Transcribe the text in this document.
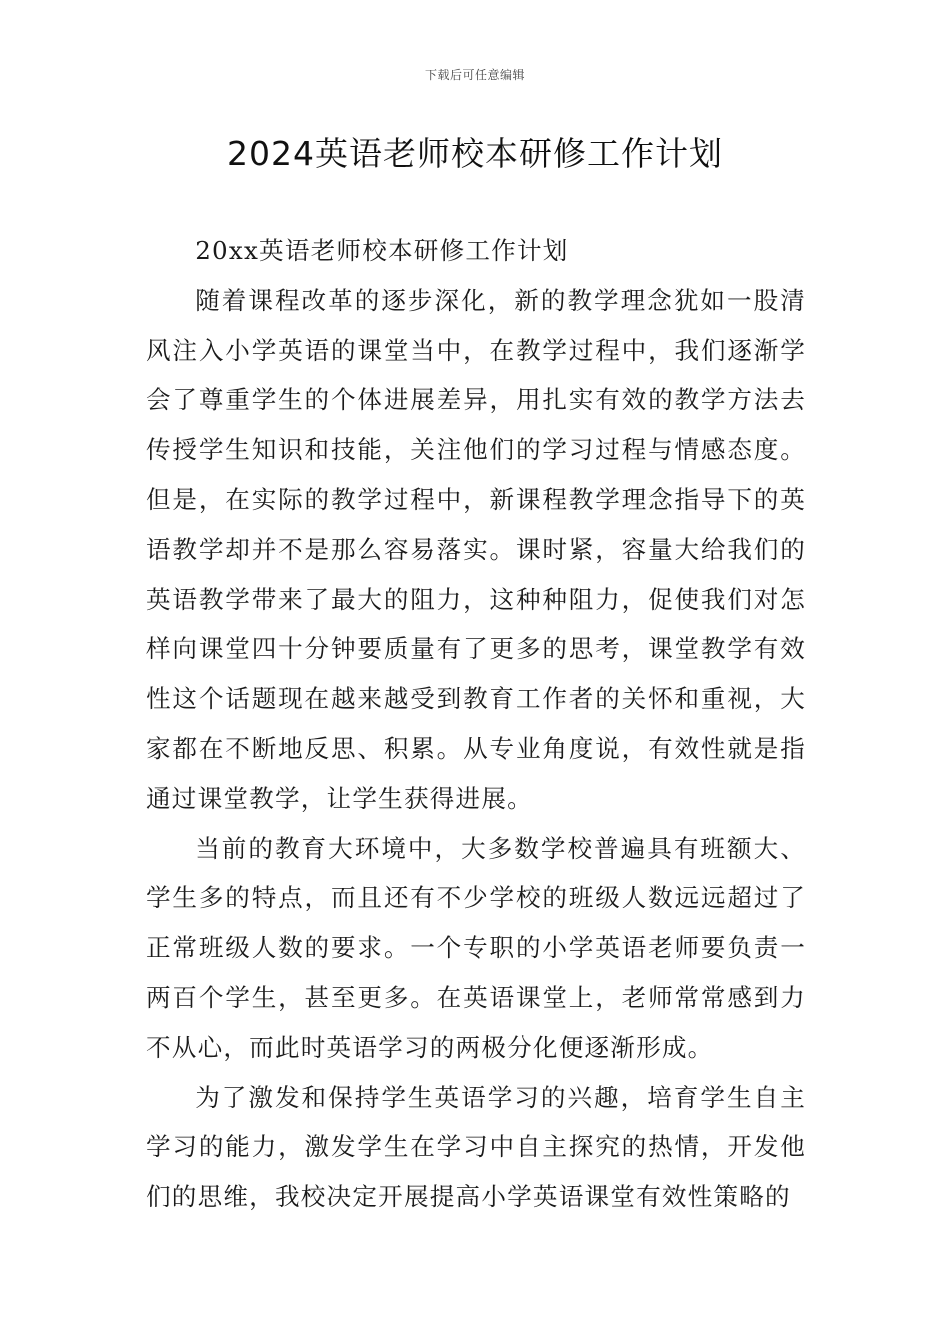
下载后可任意编辑
2024英语老师校本研修工作计划

20xx英语老师校本研修工作计划

随着课程改革的逐步深化，新的教学理念犹如一股清风注入小学英语的课堂当中，在教学过程中，我们逐渐学会了尊重学生的个体进展差异，用扎实有效的教学方法去传授学生知识和技能，关注他们的学习过程与情感态度。但是，在实际的教学过程中，新课程教学理念指导下的英语教学却并不是那么容易落实。课时紧，容量大给我们的英语教学带来了最大的阻力，这种种阻力，促使我们对怎样向课堂四十分钟要质量有了更多的思考，课堂教学有效性这个话题现在越来越受到教育工作者的关怀和重视，大家都在不断地反思、积累。从专业角度说，有效性就是指通过课堂教学，让学生获得进展。

当前的教育大环境中，大多数学校普遍具有班额大、学生多的特点，而且还有不少学校的班级人数远远超过了正常班级人数的要求。一个专职的小学英语老师要负责一两百个学生，甚至更多。在英语课堂上，老师常常感到力不从心，而此时英语学习的两极分化便逐渐形成。

为了激发和保持学生英语学习的兴趣，培育学生自主学习的能力，激发学生在学习中自主探究的热情，开发他们的思维，我校决定开展提高小学英语课堂有效性策略的
